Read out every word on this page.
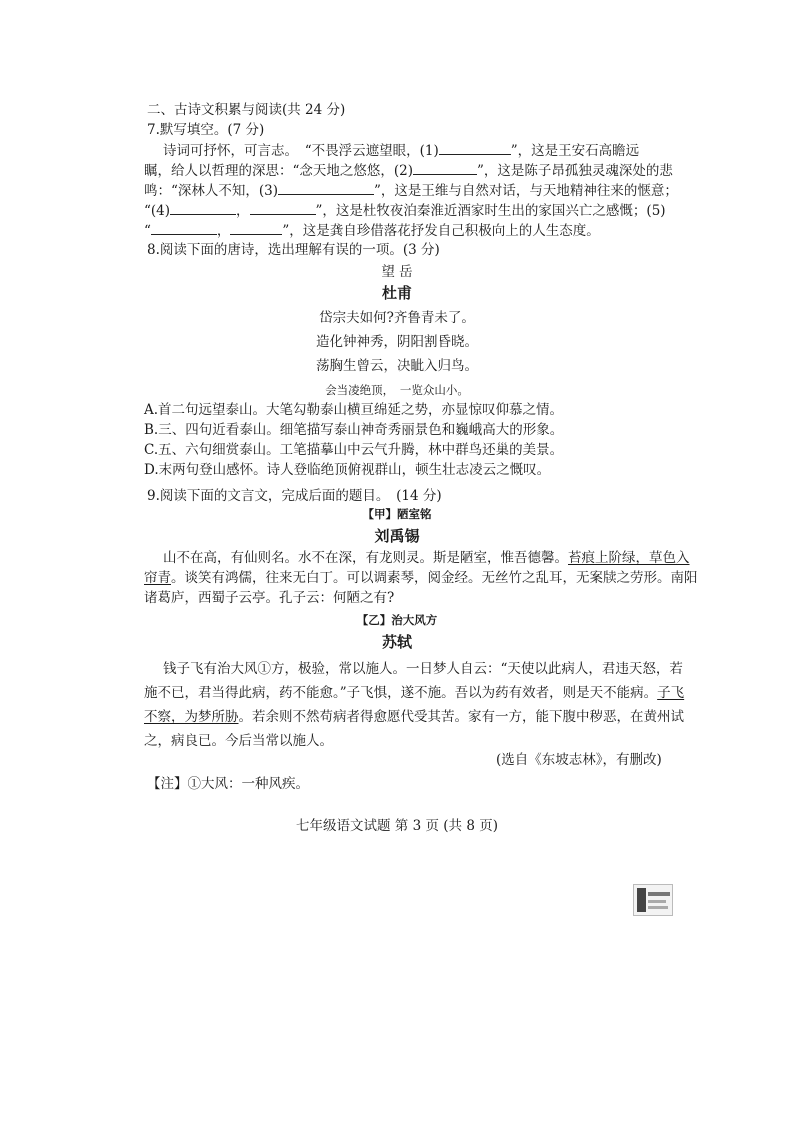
二、古诗文积累与阅读(共 24 分)
7.默写填空。(7 分)
诗词可抒怀，可言志。　“不畏浮云遮望眼，(1)	”，这是王安石高瞻远
瞩，给人以哲理的深思：“念天地之悠悠，(2)	”，这是陈子昂孤独灵魂深处的悲
鸣：“深林人不知，(3)	”，这是王维与自然对话，与天地精神往来的惬意；
“(4)	，	”，这是杜牧夜泊秦淮近酒家时生出的家国兴亡之感慨；(5)
“	，	”，这是龚自珍借落花抒发自己积极向上的人生态度。
8.阅读下面的唐诗，选出理解有误的一项。(3 分)
望 岳
杜甫
岱宗夫如何?齐鲁青未了。
造化钟神秀，阴阳割昏晓。
荡胸生曾云，决眦入归鸟。
会当凌绝顶，　一览众山小。
A.首二句远望泰山。大笔勾勒泰山横亘绵延之势，亦显惊叹仰慕之情。
B.三、四句近看泰山。细笔描写泰山神奇秀丽景色和巍峨高大的形象。
C.五、六句细赏泰山。工笔描摹山中云气升腾，林中群鸟还巢的美景。
D.末两句登山感怀。诗人登临绝顶俯视群山，顿生壮志凌云之慨叹。
9.阅读下面的文言文，完成后面的题目。　(14 分)
【甲】陋室铭
刘禹锡
山不在高，有仙则名。水不在深，有龙则灵。斯是陋室，惟吾德馨。苔痕上阶绿，草色入
帘青。谈笑有鸿儒，往来无白丁。可以调素琴，阅金经。无丝竹之乱耳，无案牍之劳形。南阳
诸葛庐，西蜀子云亭。孔子云：何陋之有?
【乙】治大风方
苏轼
钱子飞有治大风①方，极验，常以施人。一日梦人自云：“天使以此病人，君违天怒，若
施不已，君当得此病，药不能愈。”子飞惧，遂不施。吾以为药有效者，则是天不能病。子飞
不察，为梦所胁。若余则不然苟病者得愈愿代受其苦。家有一方，能下腹中秽恶，在黄州试
之，病良已。今后当常以施人。
(选自《东坡志林》，有删改)
【注】①大风：一种风疾。
七年级语文试题 第 3 页 (共 8 页)
